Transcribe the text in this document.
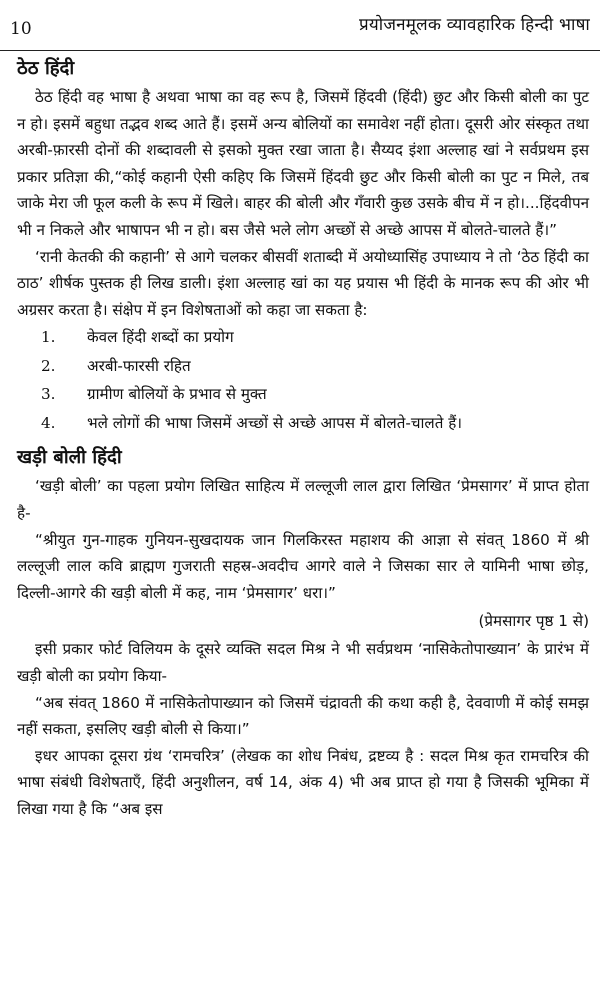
10	प्रयोजनमूलक व्यावहारिक हिन्दी भाषा
ठेठ हिंदी

ठेठ हिंदी वह भाषा है अथवा भाषा का वह रूप है, जिसमें हिंदवी (हिंदी) छुट और किसी बोली का पुट न हो। इसमें बहुधा तद्भव शब्द आते हैं। इसमें अन्य बोलियों का समावेश नहीं होता। दूसरी ओर संस्कृत तथा अरबी-फ़ारसी दोनों की शब्दावली से इसको मुक्त रखा जाता है। सैय्यद इंशा अल्लाह खां ने सर्वप्रथम इस प्रकार प्रतिज्ञा की,“कोई कहानी ऐसी कहिए कि जिसमें हिंदवी छुट और किसी बोली का पुट न मिले, तब जाके मेरा जी फूल कली के रूप में खिले। बाहर की बोली और गँवारी कुछ उसके बीच में न हो।...हिंदवीपन भी न निकले और भाषापन भी न हो। बस जैसे भले लोग अच्छों से अच्छे आपस में बोलते-चालते हैं।”

‘रानी केतकी की कहानी’ से आगे चलकर बीसवीं शताब्दी में अयोध्यासिंह उपाध्याय ने तो ‘ठेठ हिंदी का ठाठ’ शीर्षक पुस्तक ही लिख डाली। इंशा अल्लाह खां का यह प्रयास भी हिंदी के मानक रूप की ओर भी अग्रसर करता है। संक्षेप में इन विशेषताओं को कहा जा सकता है:

1.	केवल हिंदी शब्दों का प्रयोग
2.	अरबी-फारसी रहित
3.	ग्रामीण बोलियों के प्रभाव से मुक्त
4.	भले लोगों की भाषा जिसमें अच्छों से अच्छे आपस में बोलते-चालते हैं।
खड़ी बोली हिंदी

‘खड़ी बोली’ का पहला प्रयोग लिखित साहित्य में लल्लूजी लाल द्वारा लिखित ‘प्रेमसागर’ में प्राप्त होता है-

“श्रीयुत गुन-गाहक गुनियन-सुखदायक जान गिलकिरस्त महाशय की आज्ञा से संवत् 1860 में श्री लल्लूजी लाल कवि ब्राह्मण गुजराती सहस्र-अवदीच आगरे वाले ने जिसका सार ले यामिनी भाषा छोड़, दिल्ली-आगरे की खड़ी बोली में कह, नाम ‘प्रेमसागर’ धरा।”

(प्रेमसागर पृष्ठ 1 से)

इसी प्रकार फोर्ट विलियम के दूसरे व्यक्ति सदल मिश्र ने भी सर्वप्रथम ‘नासिकेतोपाख्यान’ के प्रारंभ में खड़ी बोली का प्रयोग किया-

“अब संवत् 1860 में नासिकेतोपाख्यान को जिसमें चंद्रावती की कथा कही है, देववाणी में कोई समझ नहीं सकता, इसलिए खड़ी बोली से किया।”

इधर आपका दूसरा ग्रंथ ‘रामचरित्र’ (लेखक का शोध निबंध, द्रष्टव्य है : सदल मिश्र कृत रामचरित्र की भाषा संबंधी विशेषताएँ, हिंदी अनुशीलन, वर्ष 14, अंक 4) भी अब प्राप्त हो गया है जिसकी भूमिका में लिखा गया है कि “अब इस
